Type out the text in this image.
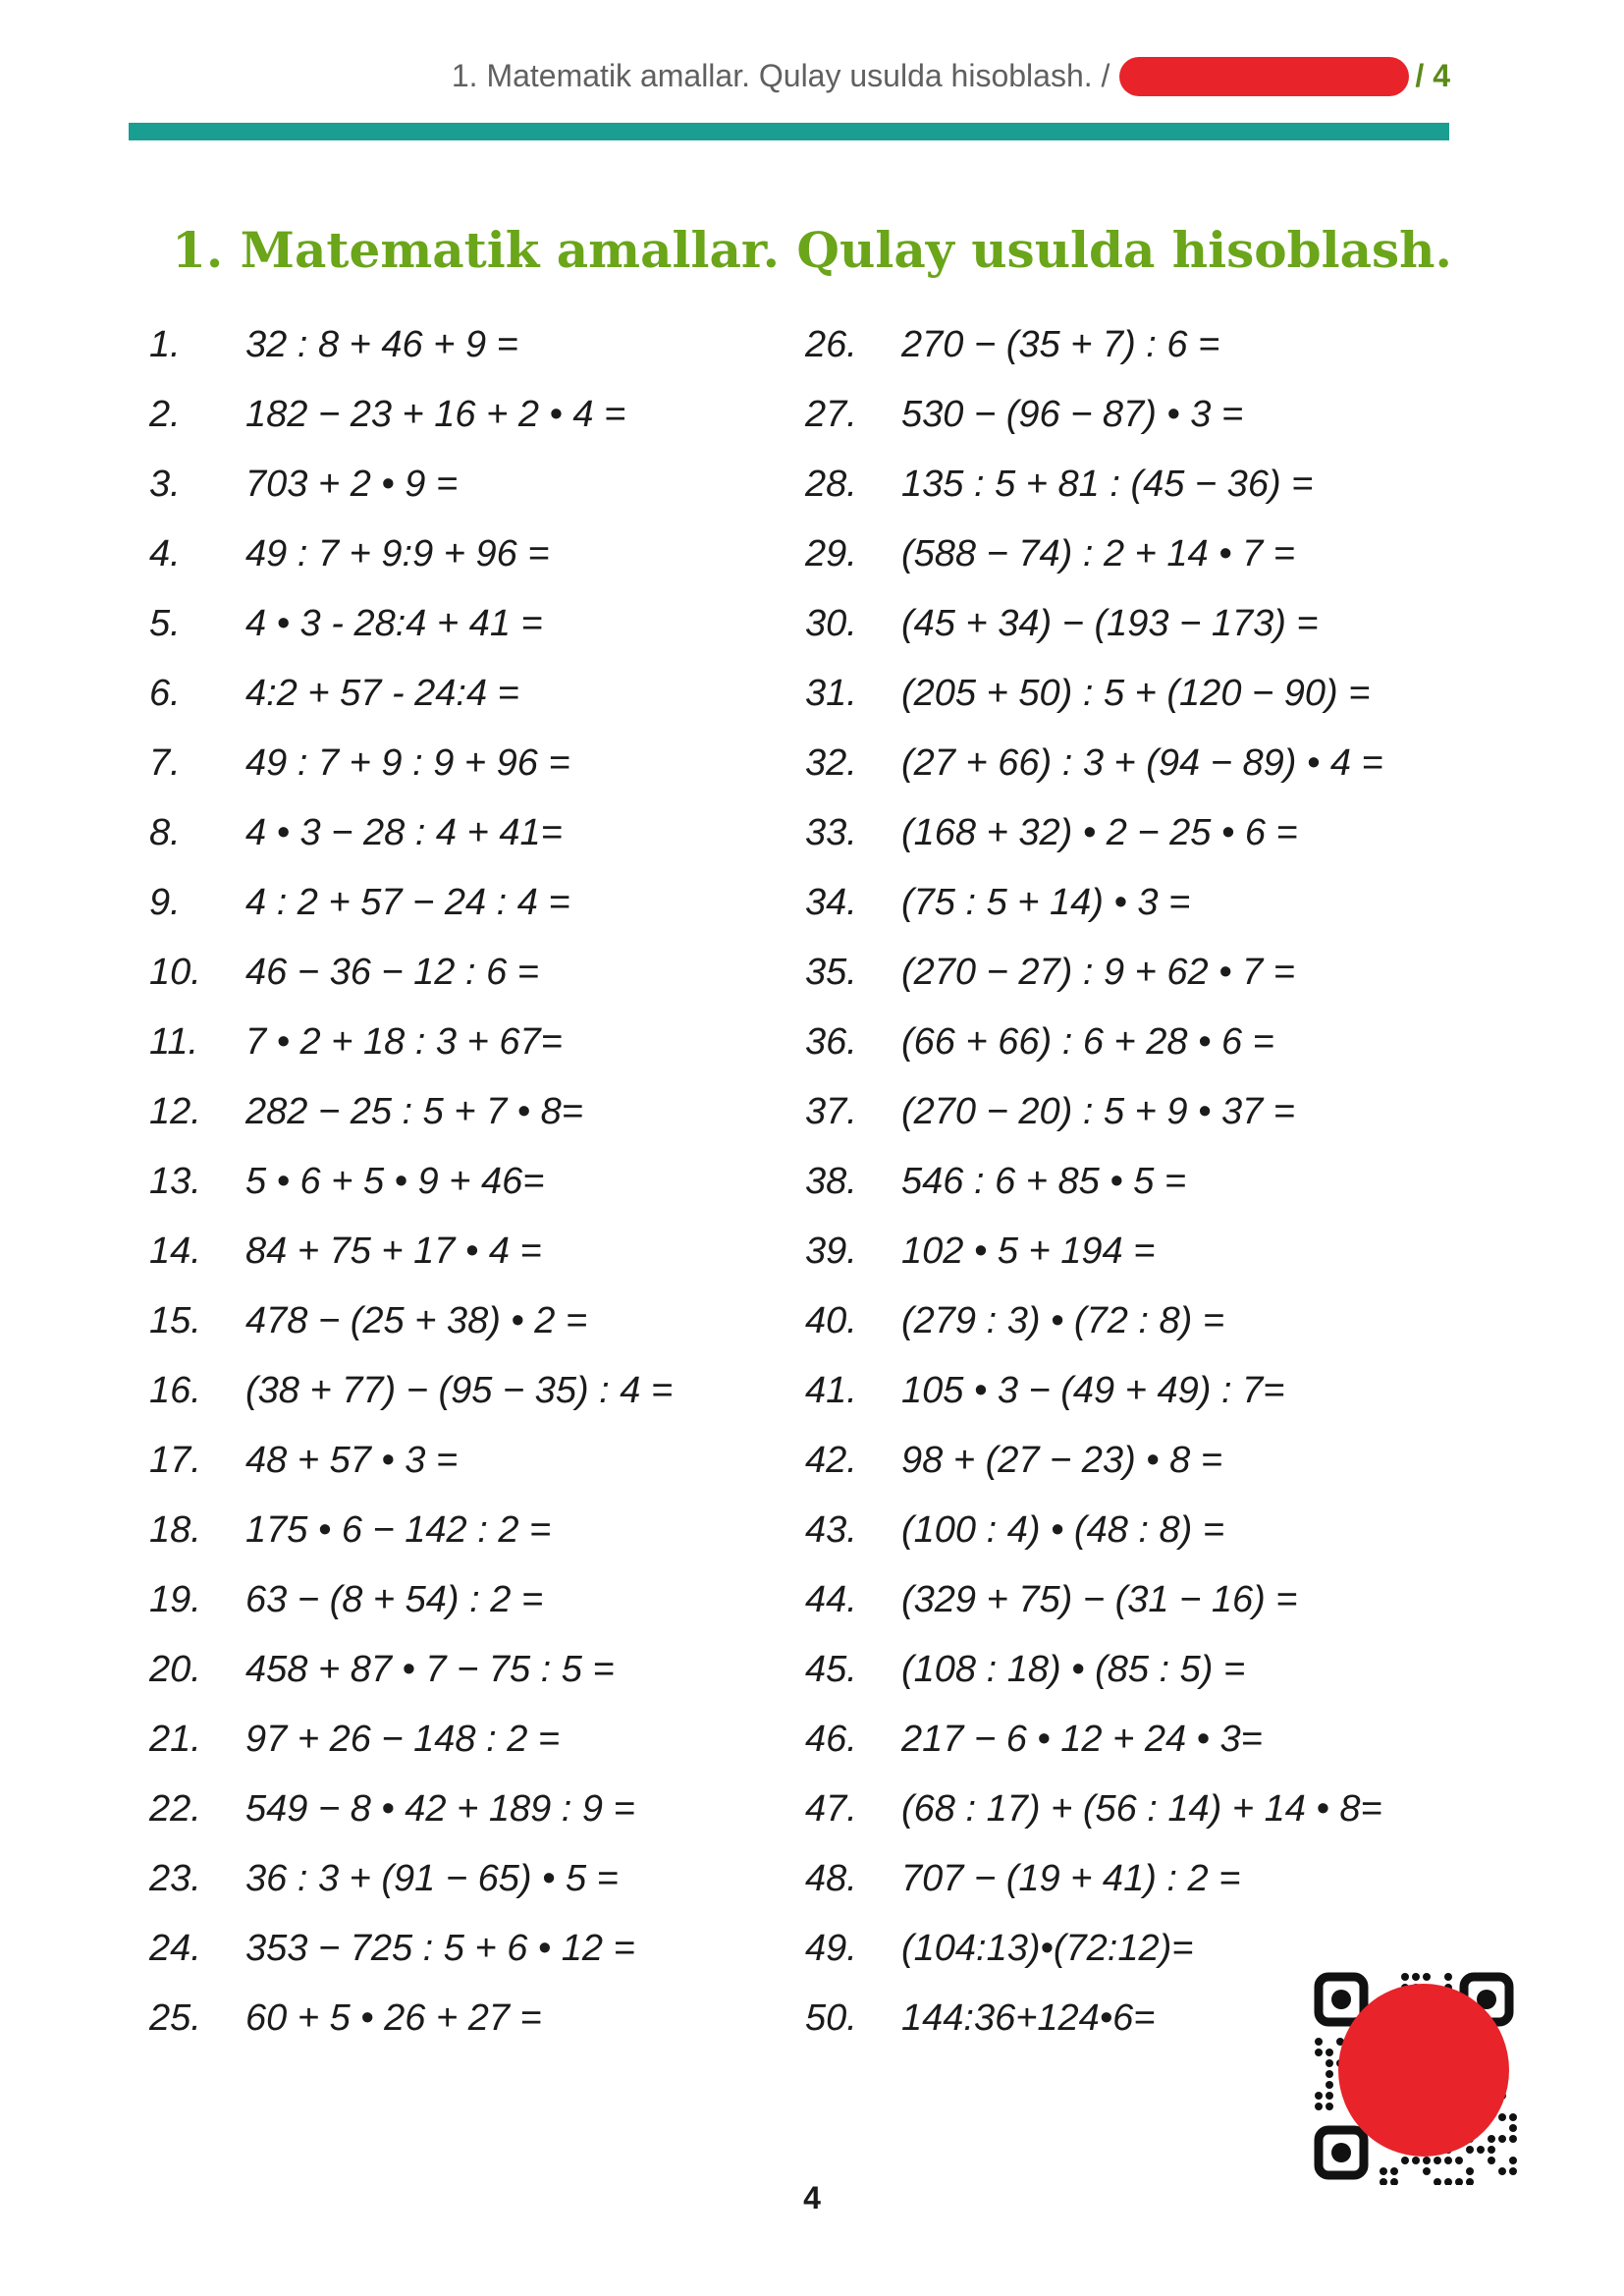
1. Matematik amallar. Qulay usulda hisoblash. /	/ 4
1. Matematik amallar. Qulay usulda hisoblash.
1.	32 : 8 + 46 + 9 =
2.	182 − 23 + 16 + 2 • 4 =
3.	703 + 2 • 9 =
4.	49 : 7 + 9:9 + 96 =
5.	4 • 3 - 28:4 + 41 =
6.	4:2 + 57 - 24:4 =
7.	49 : 7 + 9 : 9 + 96 =
8.	4 • 3 − 28 : 4 + 41=
9.	4 : 2 + 57 − 24 : 4 =
10.	46 − 36 − 12 : 6 =
11.	7 • 2 + 18 : 3 + 67=
12.	282 − 25 : 5 + 7 • 8=
13.	5 • 6 + 5 • 9 + 46=
14.	84 + 75 + 17 • 4 =
15.	478 − (25 + 38) • 2 =
16.	(38 + 77) − (95 − 35) : 4 =
17.	48 + 57 • 3 =
18.	175 • 6 − 142 : 2 =
19.	63 − (8 + 54) : 2 =
20.	458 + 87 • 7 − 75 : 5 =
21.	97 + 26 − 148 : 2 =
22.	549 − 8 • 42 + 189 : 9 =
23.	36 : 3 + (91 − 65) • 5 =
24.	353 − 725 : 5 + 6 • 12 =
25.	60 + 5 • 26 + 27 =
26.	270 − (35 + 7) : 6 =
27.	530 − (96 − 87) • 3 =
28.	135 : 5 + 81 : (45 − 36) =
29.	(588 − 74) : 2 + 14 • 7 =
30.	(45 + 34) − (193 − 173) =
31.	(205 + 50) : 5 + (120 − 90) =
32.	(27 + 66) : 3 + (94 − 89) • 4 =
33.	(168 + 32) • 2 − 25 • 6 =
34.	(75 : 5 + 14) • 3 =
35.	(270 − 27) : 9 + 62 • 7 =
36.	(66 + 66) : 6 + 28 • 6 =
37.	(270 − 20) : 5 + 9 • 37 =
38.	546 : 6 + 85 • 5 =
39.	102 • 5 + 194 =
40.	(279 : 3) • (72 : 8) =
41.	105 • 3 − (49 + 49) : 7=
42.	98 + (27 − 23) • 8 =
43.	(100 : 4) • (48 : 8) =
44.	(329 + 75) − (31 − 16) =
45.	(108 : 18) • (85 : 5) =
46.	217 − 6 • 12 + 24 • 3=
47.	(68 : 17) + (56 : 14) + 14 • 8=
48.	707 − (19 + 41) : 2 =
49.	(104:13)•(72:12)=
50.	144:36+124•6=
4
